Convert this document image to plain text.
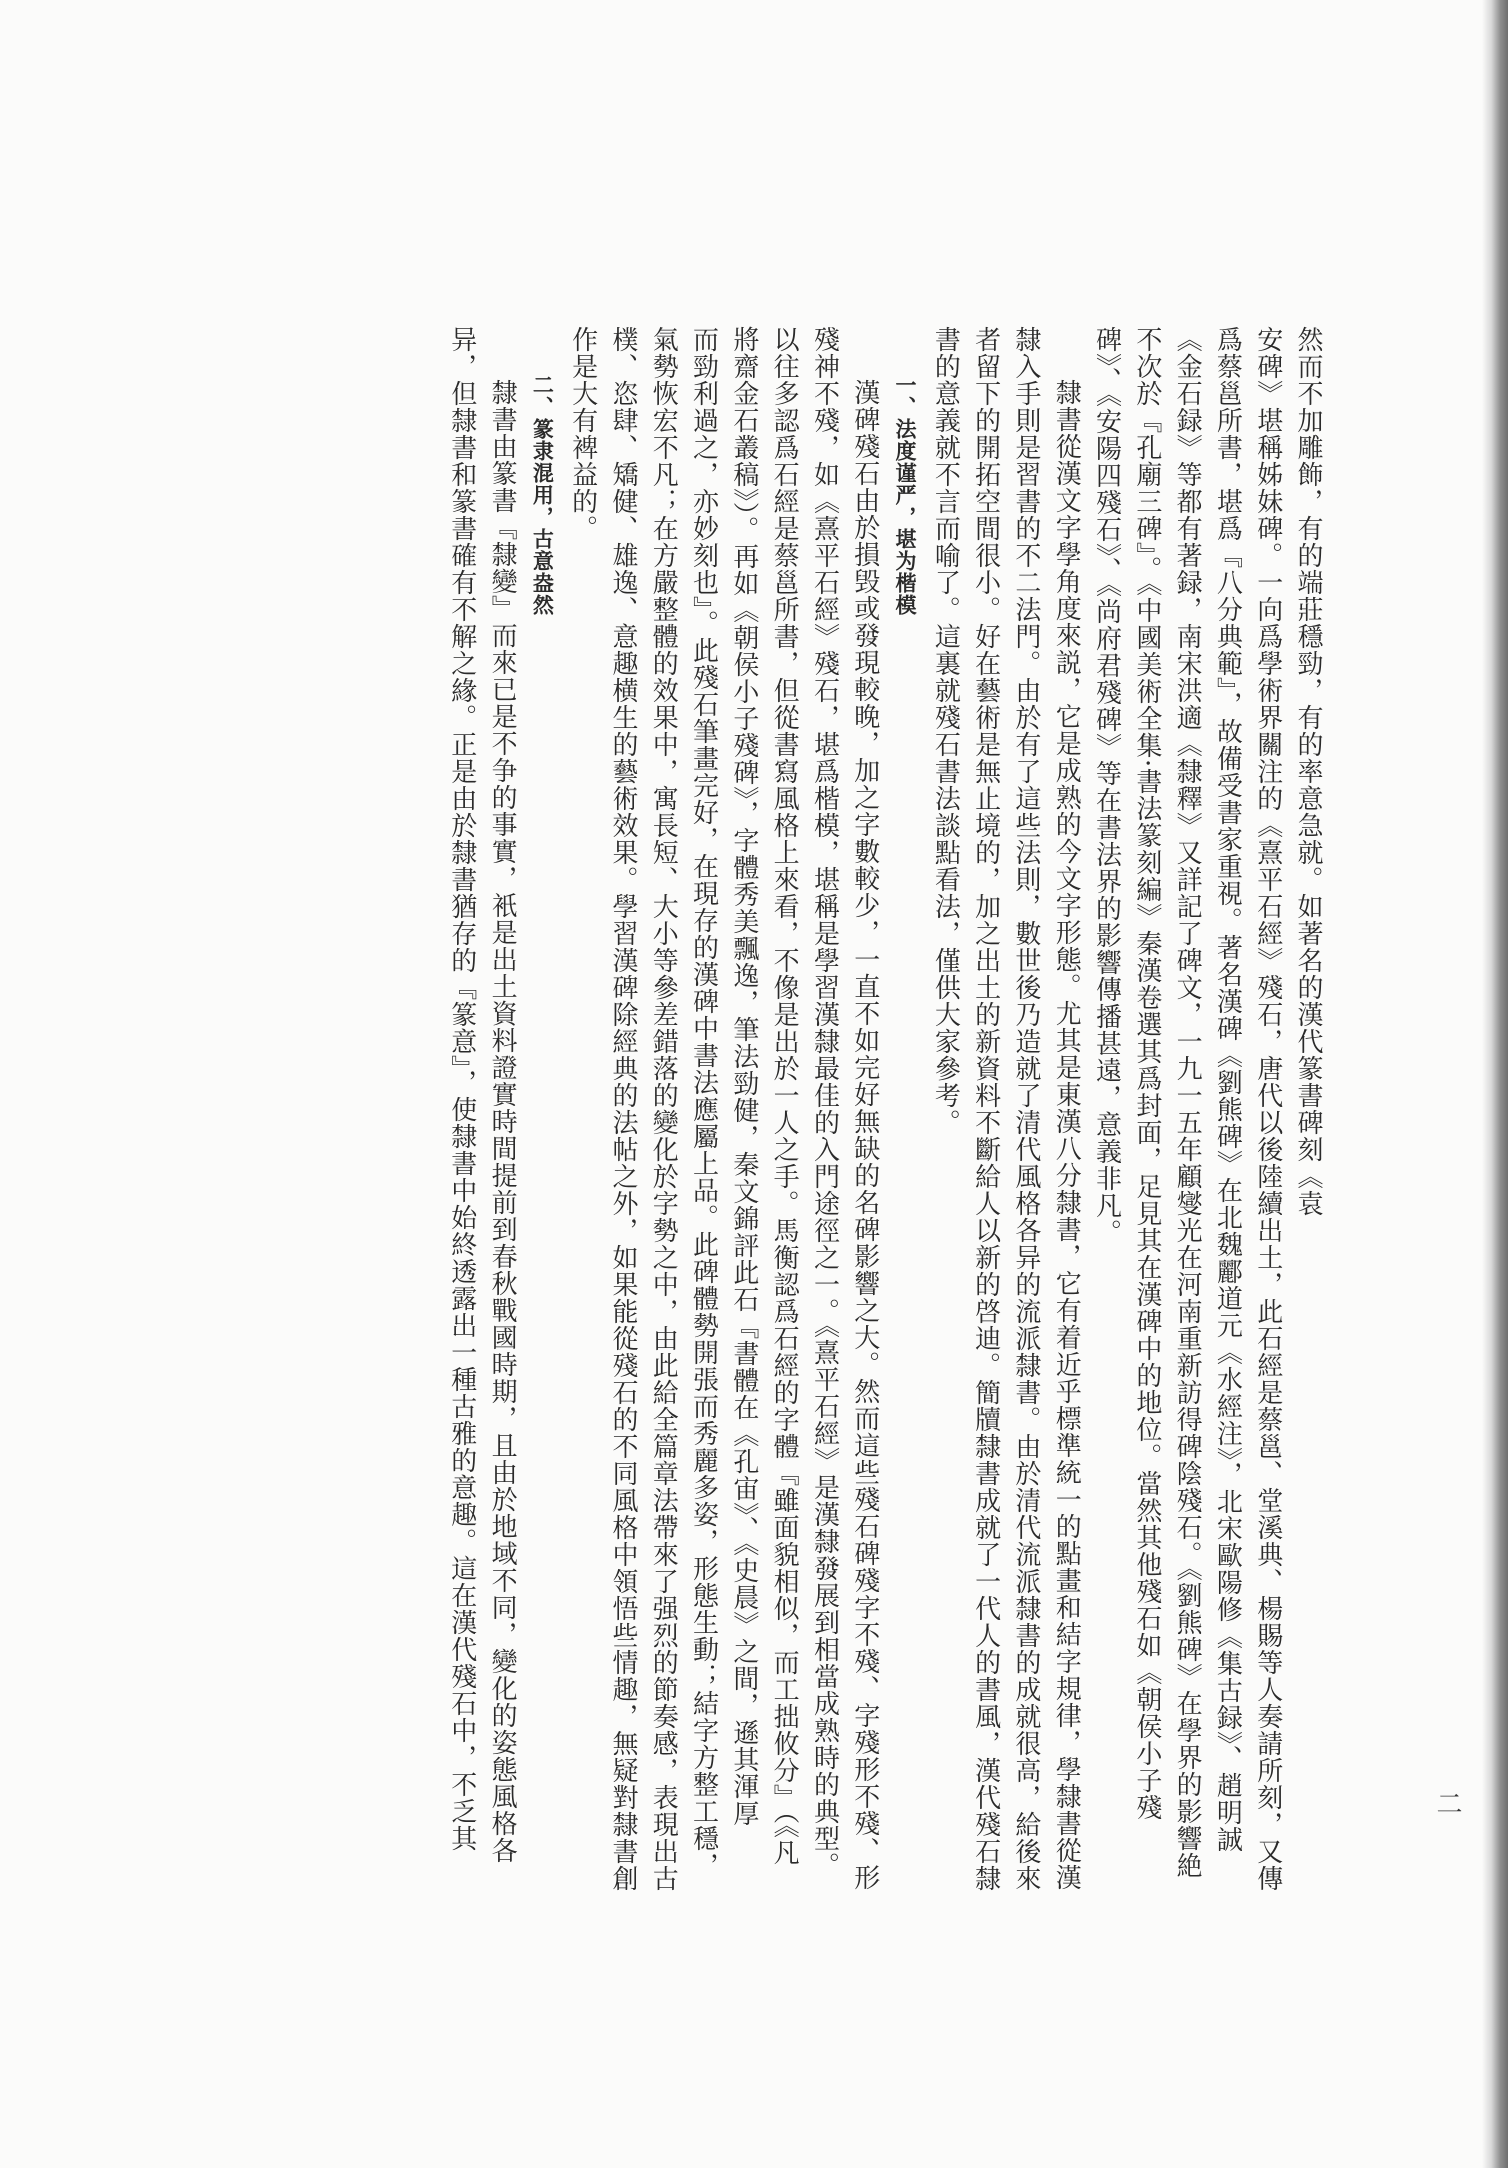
然而不加雕飾，有的端莊穩勁，有的率意急就。如著名的漢代篆書碑刻《袁
安碑》堪稱姊妹碑。一向爲學術界關注的《熹平石經》殘石，唐代以後陸續出土，此石經是蔡邕、堂溪典、楊賜等人奏請所刻，又傳
爲蔡邕所書，堪爲『八分典範』，故備受書家重視。著名漢碑《劉熊碑》在北魏酈道元《水經注》，北宋歐陽修《集古録》、趙明誠
《金石録》等都有著録，南宋洪適《隸釋》又詳記了碑文，一九一五年顧燮光在河南重新訪得碑陰殘石。《劉熊碑》在學界的影響絶
不次於『孔廟三碑』。《中國美術全集·書法篆刻編》秦漢卷選其爲封面，足見其在漢碑中的地位。當然其他殘石如《朝侯小子殘
碑》、《安陽四殘石》、《尚府君殘碑》等在書法界的影響傳播甚遠，意義非凡。
隸書從漢文字學角度來説，它是成熟的今文字形態。尤其是東漢八分隸書，它有着近乎標準統一的點畫和結字規律，學隸書從漢
隸入手則是習書的不二法門。由於有了這些法則，數世後乃造就了清代風格各异的流派隸書。由於清代流派隸書的成就很高，給後來
者留下的開拓空間很小。好在藝術是無止境的，加之出土的新資料不斷給人以新的啓迪。簡牘隸書成就了一代人的書風，漢代殘石隸
書的意義就不言而喻了。這裏就殘石書法談點看法，僅供大家參考。
一、法度谨严，堪为楷模
漢碑殘石由於損毁或發現較晚，加之字數較少，一直不如完好無缺的名碑影響之大。然而這些殘石碑殘字不殘、字殘形不殘、形
殘神不殘，如《熹平石經》殘石，堪爲楷模，堪稱是學習漢隸最佳的入門途徑之一。《熹平石經》是漢隸發展到相當成熟時的典型。
以往多認爲石經是蔡邕所書，但從書寫風格上來看，不像是出於一人之手。馬衡認爲石經的字體『雖面貌相似，而工拙攸分』（《凡
將齋金石叢稿》）。再如《朝侯小子殘碑》，字體秀美飄逸，筆法勁健，秦文錦評此石『書體在《孔宙》、《史晨》之間，遜其渾厚
而勁利過之，亦妙刻也』。此殘石筆畫完好，在現存的漢碑中書法應屬上品。此碑體勢開張而秀麗多姿，形態生動；結字方整工穩，
氣勢恢宏不凡；在方嚴整體的效果中，寓長短、大小等參差錯落的變化於字勢之中，由此給全篇章法帶來了强烈的節奏感，表現出古
樸、恣肆、矯健、雄逸、意趣横生的藝術效果。學習漢碑除經典的法帖之外，如果能從殘石的不同風格中領悟些情趣，無疑對隸書創
作是大有裨益的。
二、篆隶混用，古意盎然
隸書由篆書『隸變』而來已是不争的事實，衹是出土資料證實時間提前到春秋戰國時期，且由於地域不同，變化的姿態風格各
异，但隸書和篆書確有不解之緣。正是由於隸書猶存的『篆意』，使隸書中始終透露出一種古雅的意趣。這在漢代殘石中，不乏其	二
